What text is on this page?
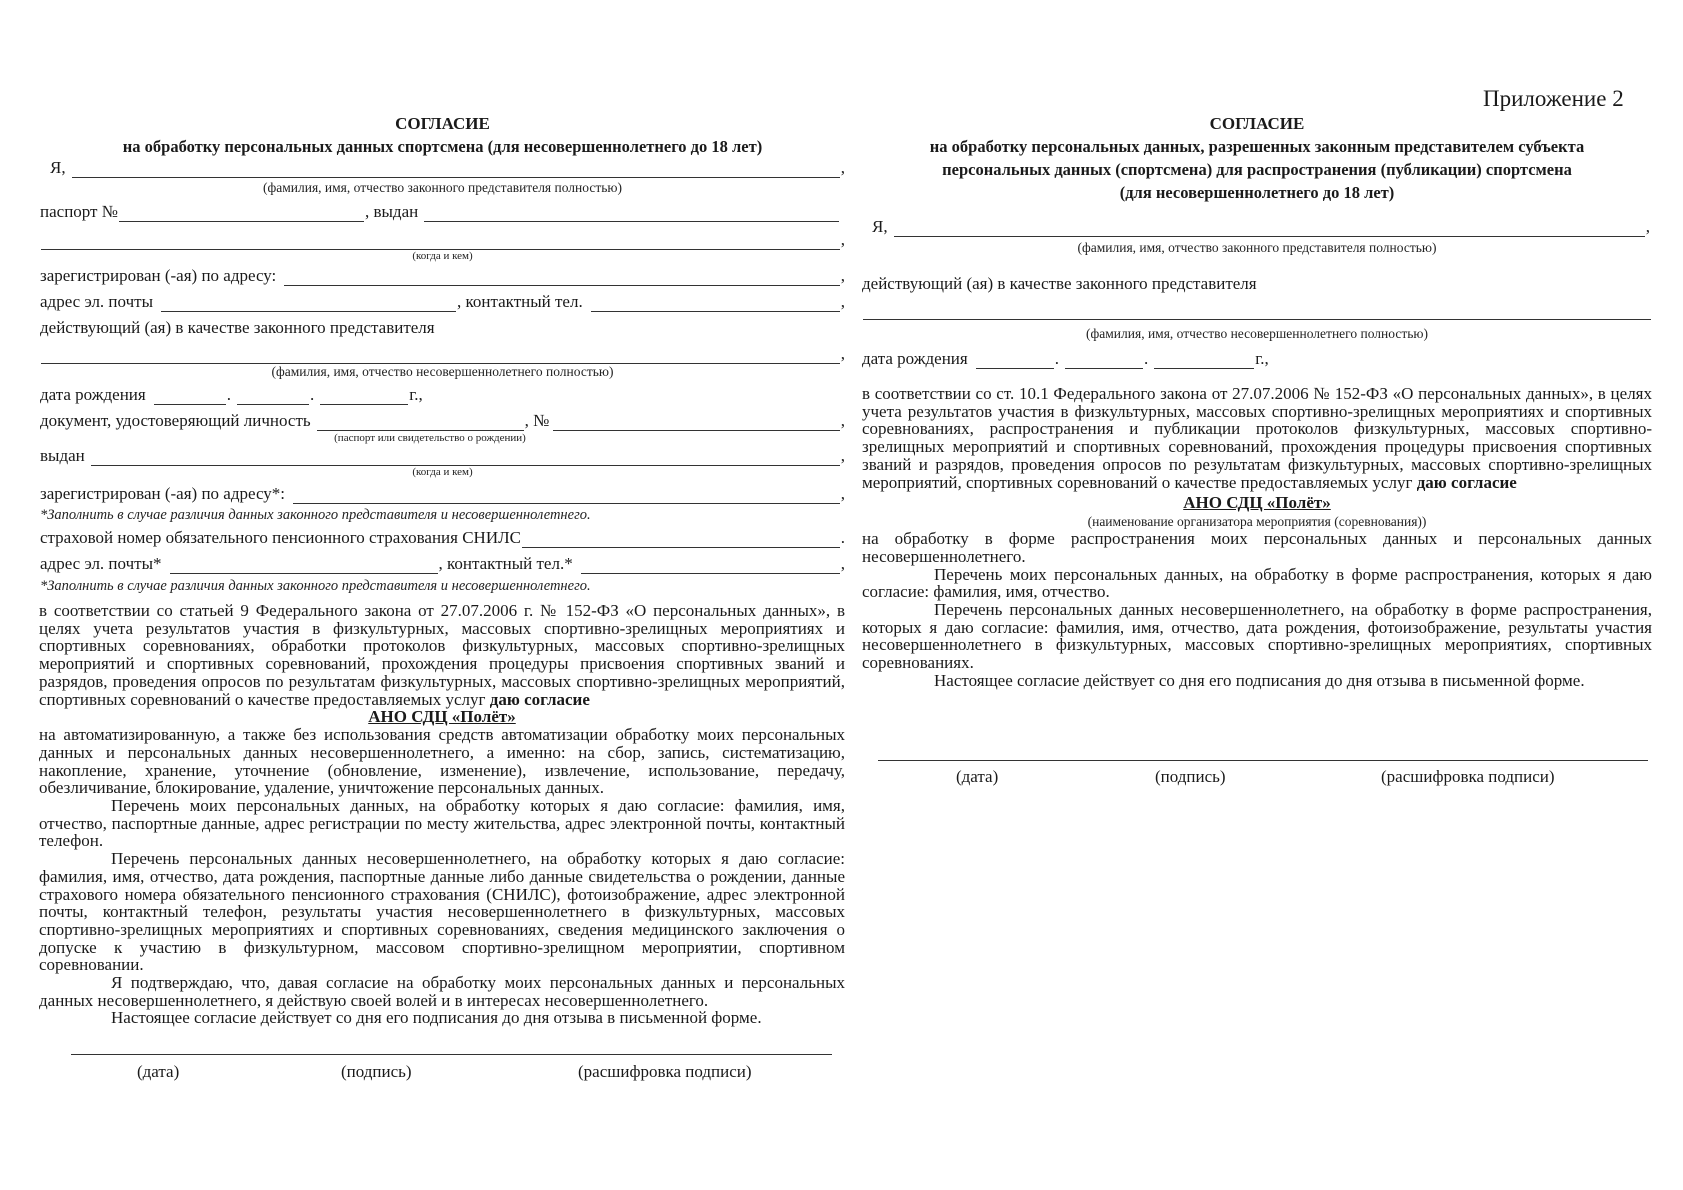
Приложение 2
СОГЛАСИЕ
на обработку персональных данных спортсмена (для несовершеннолетнего до 18 лет)
Я,	,
(фамилия, имя, отчество законного представителя полностью)
паспорт №	, выдан
,
(когда и кем)
зарегистрирован (-ая) по адресу:	,
адрес эл. почты	, контактный тел.	,
действующий (ая) в качестве законного представителя
,
(фамилия, имя, отчество несовершеннолетнего полностью)
дата рождения	.	.	г.,
документ, удостоверяющий личность	, №	,
(паспорт или свидетельство о рождении)
выдан	,
(когда и кем)
зарегистрирован (-ая) по адресу*:	,
*Заполнить в случае различия данных законного представителя и несовершеннолетнего.
страховой номер обязательного пенсионного страхования СНИЛС	.
адрес эл. почты*	, контактный тел.*	,
*Заполнить в случае различия данных законного представителя и несовершеннолетнего.
в соответствии со статьей 9 Федерального закона от 27.07.2006 г. № 152-ФЗ «О персональных данных», в целях учета результатов участия в физкультурных, массовых спортивно-зрелищных мероприятиях и спортивных соревнованиях, обработки протоколов физкультурных, массовых спортивно-зрелищных мероприятий и спортивных соревнований, прохождения процедуры присвоения спортивных званий и разрядов, проведения опросов по результатам физкультурных, массовых спортивно-зрелищных мероприятий, спортивных соревнований о качестве предоставляемых услуг даю согласие
АНО СДЦ «Полёт»
на автоматизированную, а также без использования средств автоматизации обработку моих персональных данных и персональных данных несовершеннолетнего, а именно: на сбор, запись, систематизацию, накопление, хранение, уточнение (обновление, изменение), извлечение, использование, передачу, обезличивание, блокирование, удаление, уничтожение персональных данных.
Перечень моих персональных данных, на обработку которых я даю согласие: фамилия, имя, отчество, паспортные данные, адрес регистрации по месту жительства, адрес электронной почты, контактный телефон.
Перечень персональных данных несовершеннолетнего, на обработку которых я даю согласие: фамилия, имя, отчество, дата рождения, паспортные данные либо данные свидетельства о рождении, данные страхового номера обязательного пенсионного страхования (СНИЛС), фотоизображение, адрес электронной почты, контактный телефон, результаты участия несовершеннолетнего в физкультурных, массовых спортивно-зрелищных мероприятиях и спортивных соревнованиях, сведения медицинского заключения о допуске к участию в физкультурном, массовом спортивно-зрелищном мероприятии, спортивном соревновании.
Я подтверждаю, что, давая согласие на обработку моих персональных данных и персональных данных несовершеннолетнего, я действую своей волей и в интересах несовершеннолетнего.
Настоящее согласие действует со дня его подписания до дня отзыва в письменной форме.
(дата)	(подпись)	(расшифровка подписи)
СОГЛАСИЕ
на обработку персональных данных, разрешенных законным представителем субъекта
персональных данных (спортсмена) для распространения (публикации) спортсмена
(для несовершеннолетнего до 18 лет)
Я,	,
(фамилия, имя, отчество законного представителя полностью)
действующий (ая) в качестве законного представителя
(фамилия, имя, отчество несовершеннолетнего полностью)
дата рождения	.	.	г.,
в соответствии со ст. 10.1 Федерального закона от 27.07.2006 № 152-ФЗ «О персональных данных», в целях учета результатов участия в физкультурных, массовых спортивно-зрелищных мероприятиях и спортивных соревнованиях, распространения и публикации протоколов физкультурных, массовых спортивно-зрелищных мероприятий и спортивных соревнований, прохождения процедуры присвоения спортивных званий и разрядов, проведения опросов по результатам физкультурных, массовых спортивно-зрелищных мероприятий, спортивных соревнований о качестве предоставляемых услуг даю согласие
АНО СДЦ «Полёт»
(наименование организатора мероприятия (соревнования))
на обработку в форме распространения моих персональных данных и персональных данных несовершеннолетнего.
Перечень моих персональных данных, на обработку в форме распространения, которых я даю согласие: фамилия, имя, отчество.
Перечень персональных данных несовершеннолетнего, на обработку в форме распространения, которых я даю согласие: фамилия, имя, отчество, дата рождения, фотоизображение, результаты участия несовершеннолетнего в физкультурных, массовых спортивно-зрелищных мероприятиях, спортивных соревнованиях.
Настоящее согласие действует со дня его подписания до дня отзыва в письменной форме.
(дата)	(подпись)	(расшифровка подписи)
